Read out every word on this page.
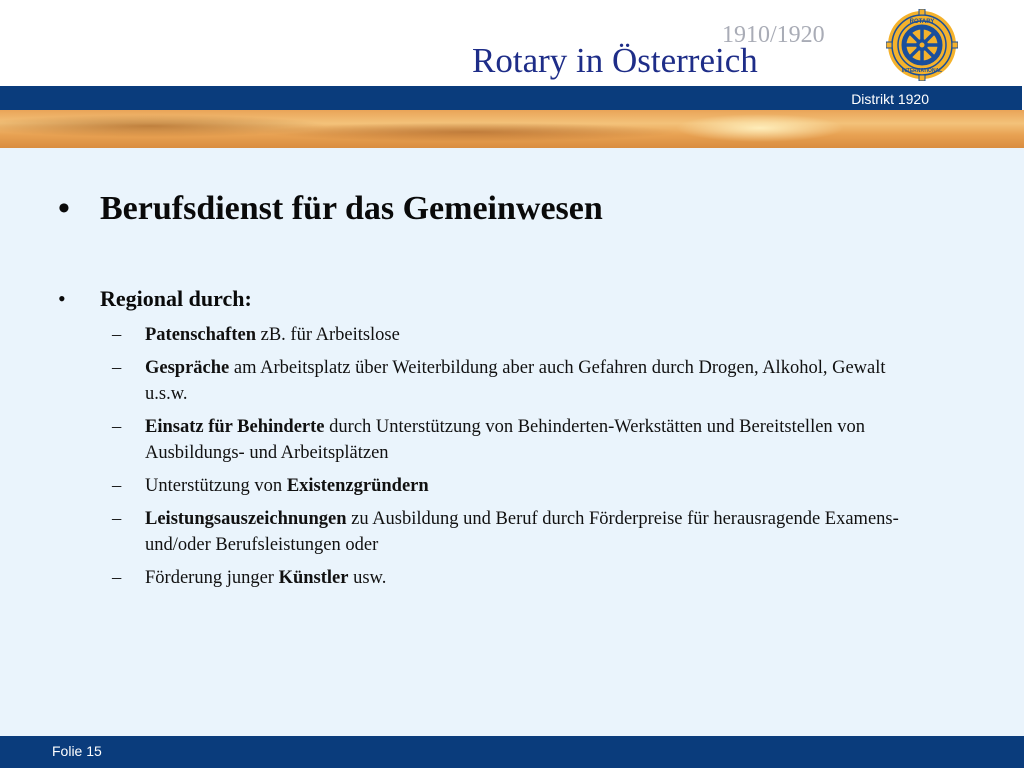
1910/1920
Rotary in Österreich
ROTARY
INTERNATIONAL
Distrikt 1920
• Berufsdienst für das Gemeinwesen
• Regional durch:
– Patenschaften zB. für Arbeitslose
– Gespräche am Arbeitsplatz über Weiterbildung aber auch Gefahren durch Drogen, Alkohol, Gewalt u.s.w.
– Einsatz für Behinderte durch Unterstützung von Behinderten-Werkstätten und Bereitstellen von Ausbildungs- und Arbeitsplätzen
– Unterstützung von Existenzgründern
– Leistungsauszeichnungen zu Ausbildung und Beruf durch Förderpreise für herausragende Examens- und/oder Berufsleistungen oder
– Förderung junger Künstler usw.
Folie 15
